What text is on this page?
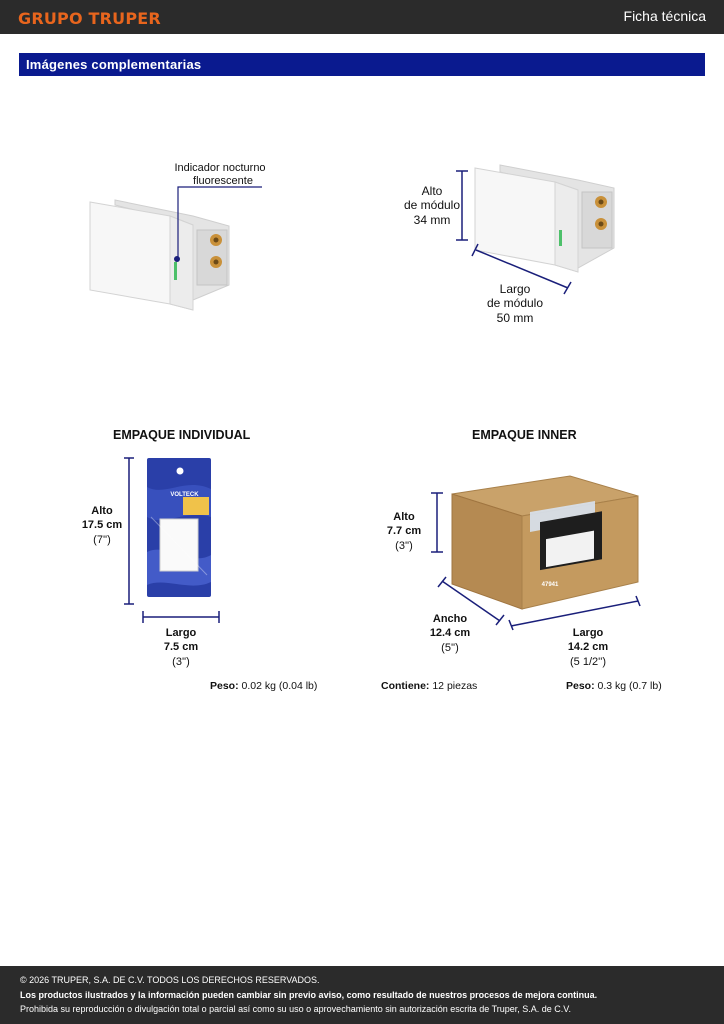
GRUPO TRUPER	Ficha técnica
Imágenes complementarias
Indicador nocturno
fluorescente
Alto
de módulo
34 mm
Largo
de módulo
50 mm
EMPAQUE INDIVIDUAL
VOLTECK
Alto
17.5 cm
(7'')
Largo
7.5 cm
(3'')
Peso: 0.02 kg (0.04 lb)
EMPAQUE INNER
47941
Alto
7.7 cm
(3'')
Ancho
12.4 cm
(5'')
Largo
14.2 cm
(5 1/2'')
Contiene: 12 piezas	Peso: 0.3 kg (0.7 lb)
© 2026 TRUPER, S.A. DE C.V. TODOS LOS DERECHOS RESERVADOS.
Los productos ilustrados y la información pueden cambiar sin previo aviso, como resultado de nuestros procesos de mejora continua.
Prohibida su reproducción o divulgación total o parcial así como su uso o aprovechamiento sin autorización escrita de Truper, S.A. de C.V.
